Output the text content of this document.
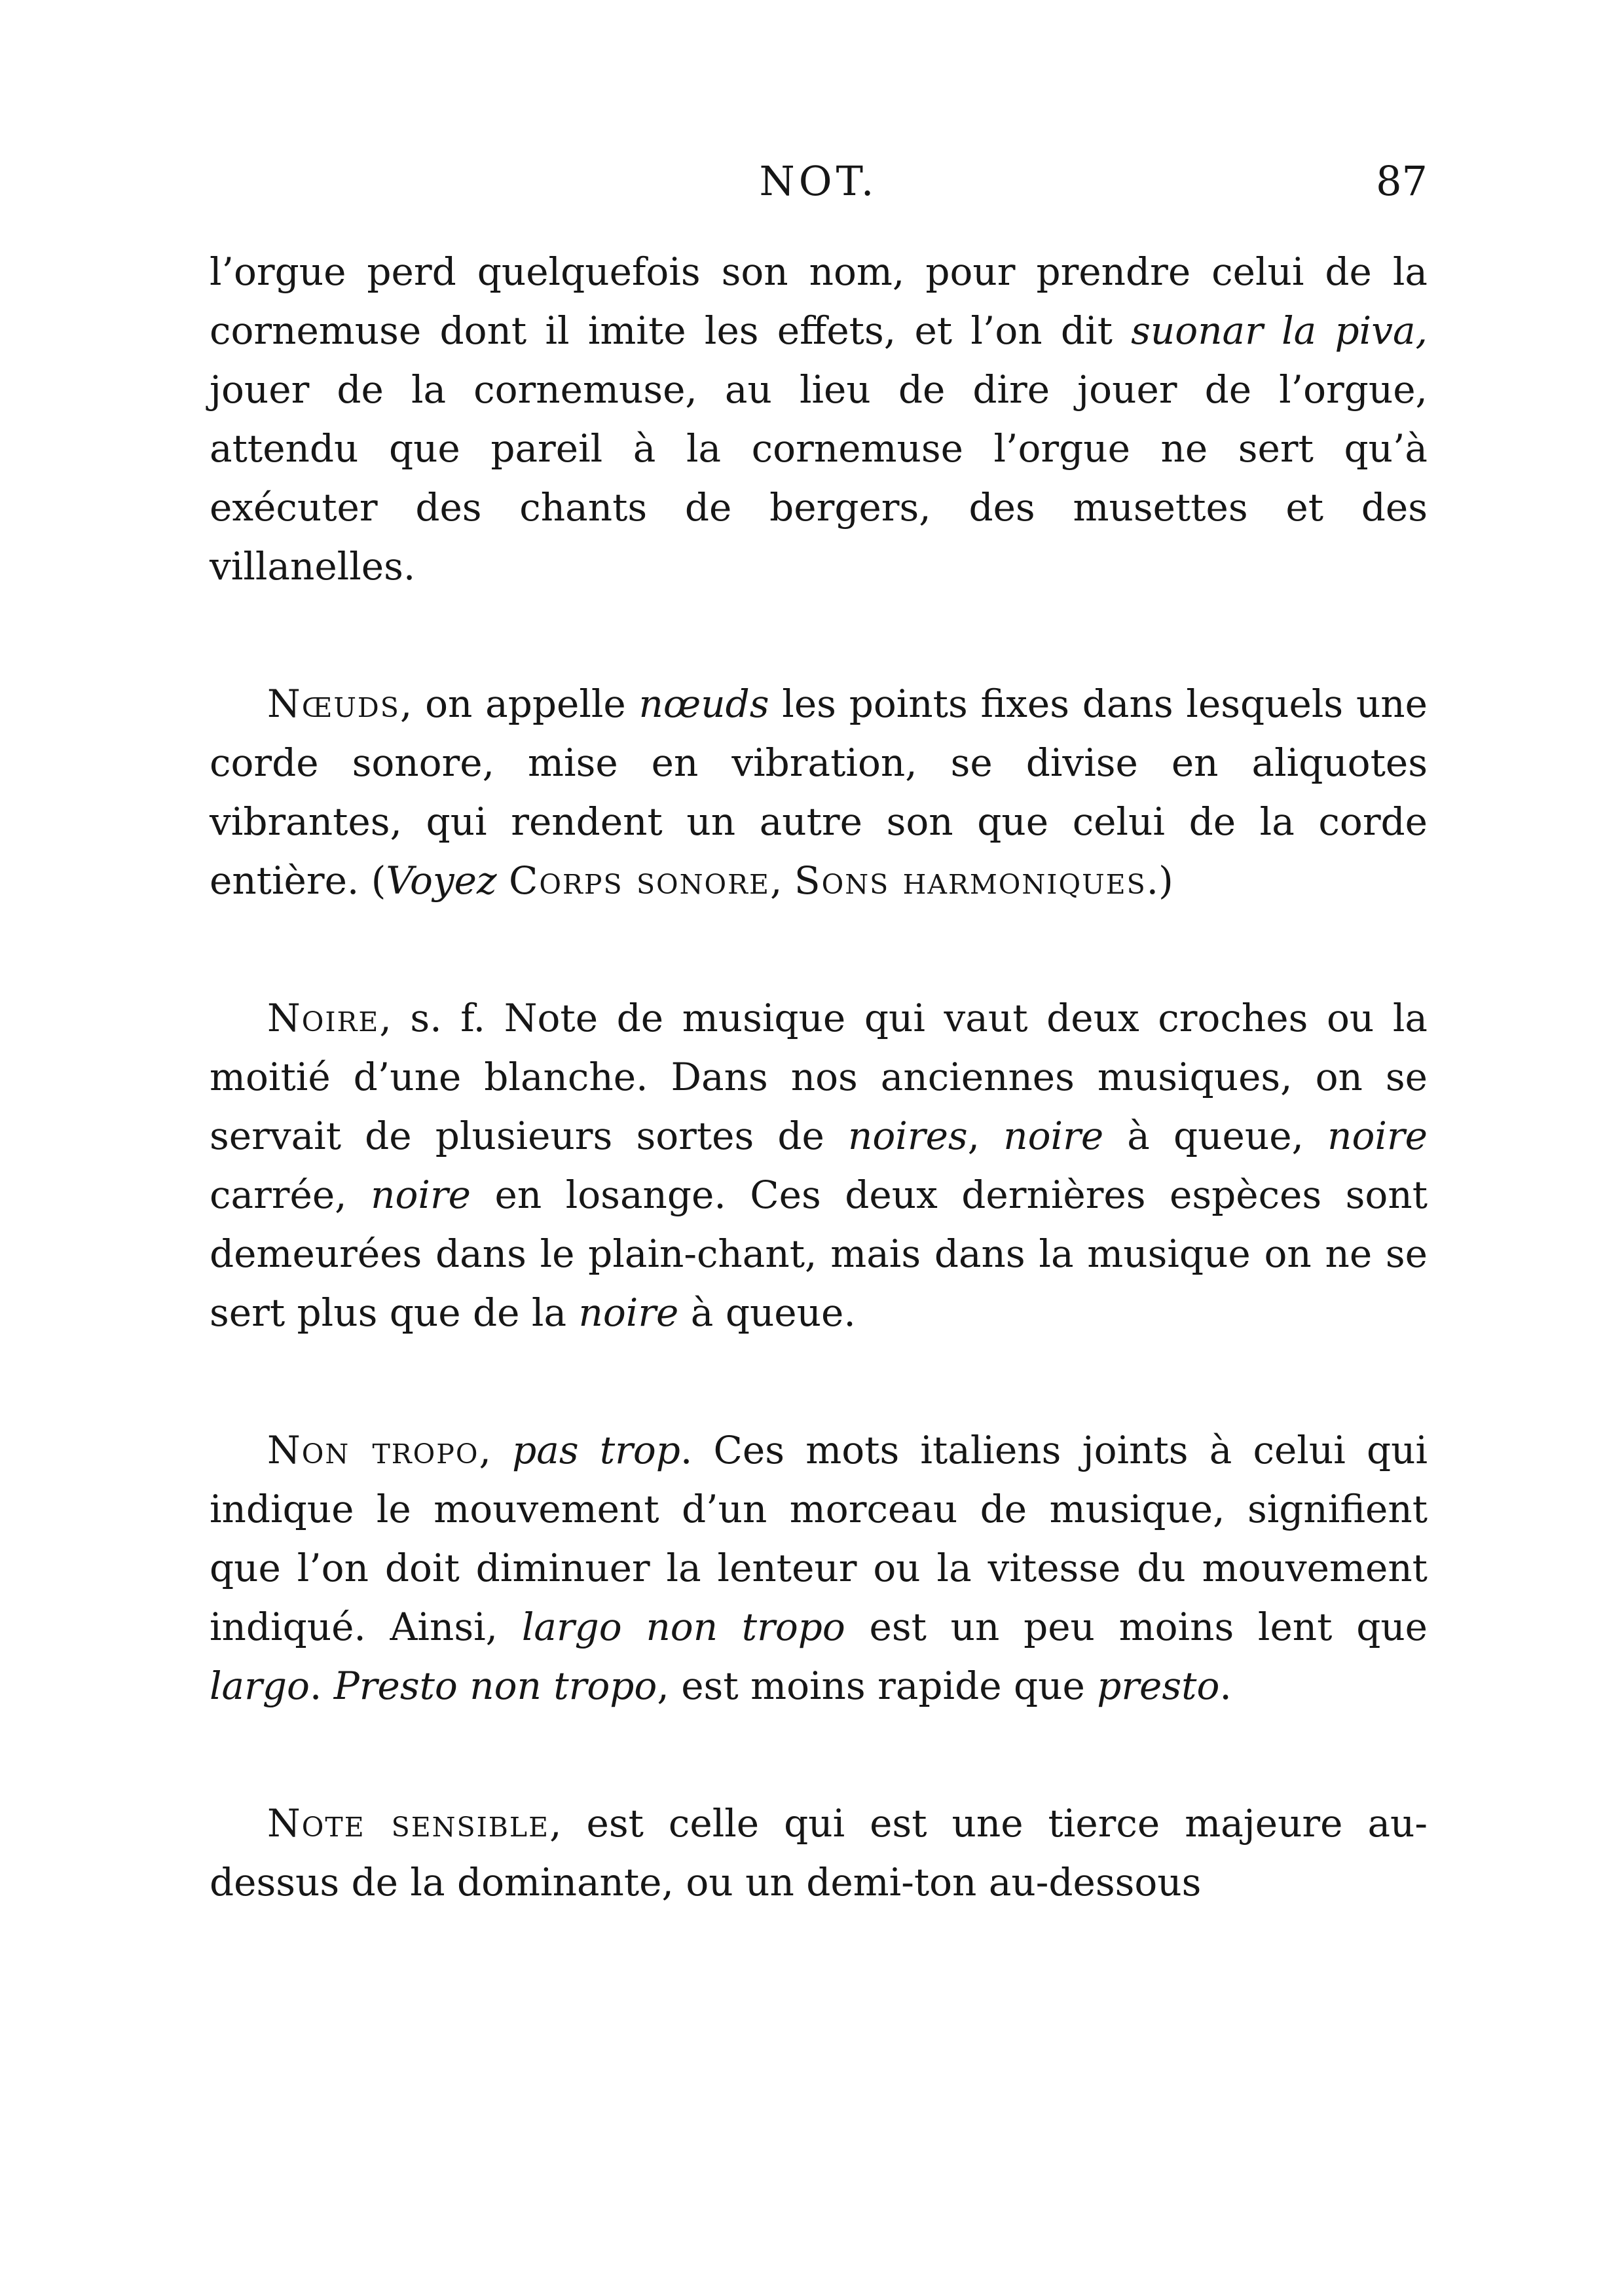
NOT.	87

l’orgue perd quelquefois son nom, pour prendre celui de la cornemuse dont il imite les effets, et l’on dit suonar la piva, jouer de la cornemuse, au lieu de dire jouer de l’orgue, attendu que pareil à la cornemuse l’orgue ne sert qu’à exécuter des chants de bergers, des musettes et des villanelles.

Nœuds, on appelle nœuds les points fixes dans lesquels une corde sonore, mise en vibration, se divise en aliquotes vibrantes, qui rendent un autre son que celui de la corde entière. (Voyez Corps sonore, Sons harmoniques.)

Noire, s. f. Note de musique qui vaut deux croches ou la moitié d’une blanche. Dans nos anciennes musiques, on se servait de plusieurs sortes de noires, noire à queue, noire carrée, noire en losange. Ces deux dernières espèces sont demeurées dans le plain-chant, mais dans la musique on ne se sert plus que de la noire à queue.

Non tropo, pas trop. Ces mots italiens joints à celui qui indique le mouvement d’un morceau de musique, signifient que l’on doit diminuer la lenteur ou la vitesse du mouvement indiqué. Ainsi, largo non tropo est un peu moins lent que largo. Presto non tropo, est moins rapide que presto.

Note sensible, est celle qui est une tierce majeure au-dessus de la dominante, ou un demi-ton au-dessous
